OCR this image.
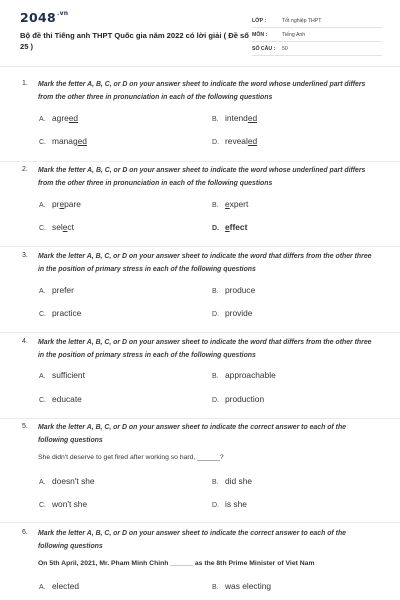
$2048^{.vn}$
Bộ đề thi Tiếng anh THPT Quốc gia năm 2022 có lời giải ( Đề số 25 )
LỚP :	Tốt nghiệp THPT
MÔN :	Tiếng Anh
SỐ CÂU :	50
1. Mark the fetter A, B, C, or D on your answer sheet to indicate the word whose underlined part differs from the other three in pronunciation in each of the following questions
A. agreed	B. intended
C. managed	D. revealed
2. Mark the fetter A, B, C, or D on your answer sheet to indicate the word whose underlined part differs from the other three in pronunciation in each of the following questions
A. prepare	B. expert
C. select	D. effect
3. Mark the letter A, B, C, or D on your answer sheet to indicate the word that differs from the other three in the position of primary stress in each of the following questions
A. prefer	B. produce
C. practice	D. provide
4. Mark the letter A, B, C, or D on your answer sheet to indicate the word that differs from the other three in the position of primary stress in each of the following questions
A. sufficient	B. approachable
C. educate	D. production
5. Mark the letter A, B, C, or D on your answer sheet to indicate the correct answer to each of the following questions
She didn't deserve to get fired after working so hard, ______?
A. doesn't she	B. did she
C. won't she	D. is she
6. Mark the letter A, B, C, or D on your answer sheet to indicate the correct answer to each of the following questions
On 5th April, 2021, Mr. Pham Minh Chinh ______ as the 8th Prime Minister of Viet Nam
A. elected	B. was electing
